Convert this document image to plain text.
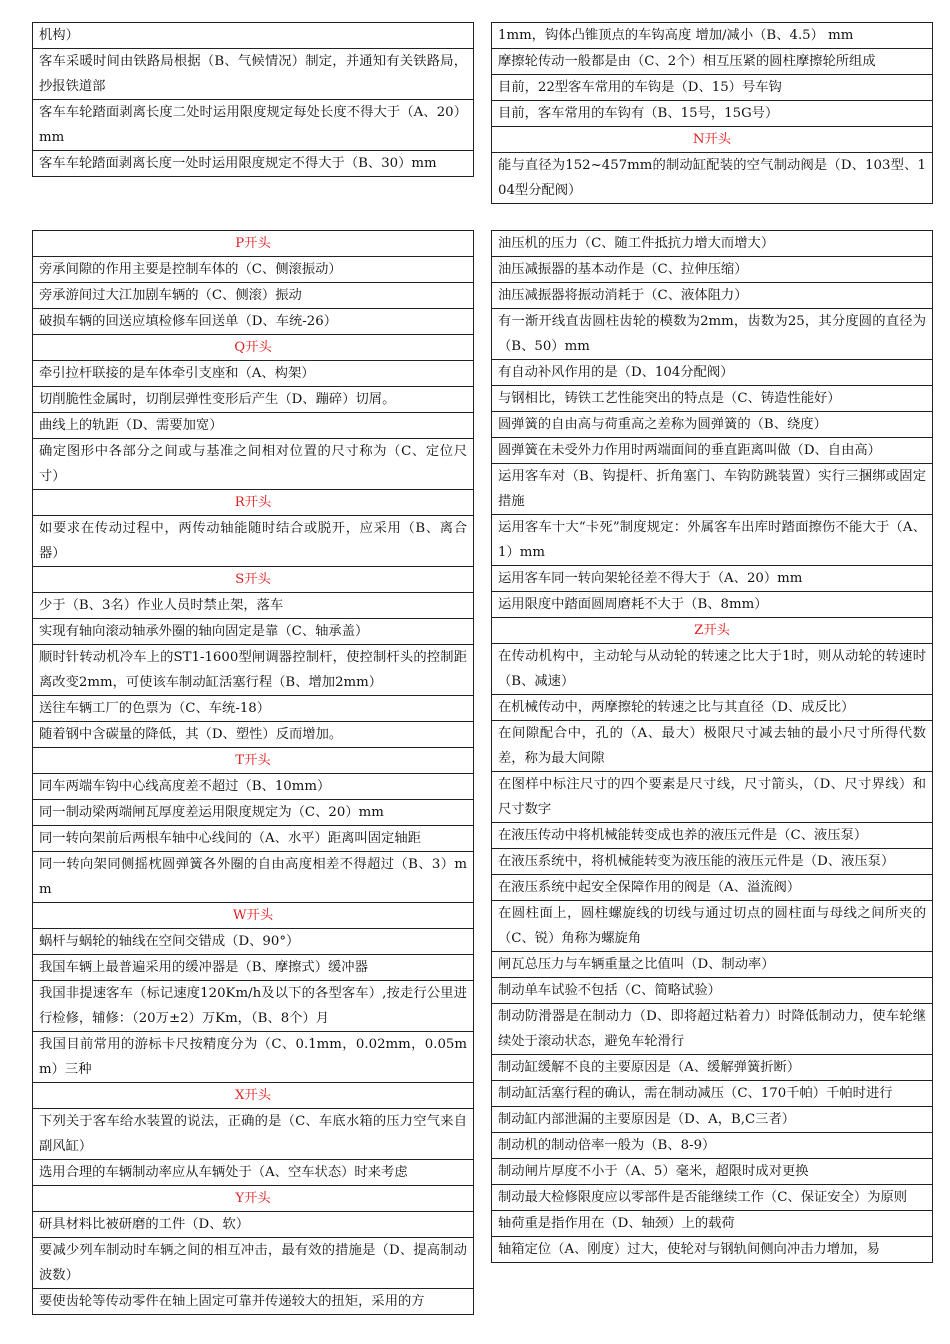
机构）
客车采暖时间由铁路局根据（B、气候情况）制定，并通知有关铁路局，抄报铁道部
客车车轮踏面剥离长度二处时运用限度规定每处长度不得大于（A、20）mm
客车车轮踏面剥离长度一处时运用限度规定不得大于（B、30）mm
1mm，钩体凸锥顶点的车钩高度 增加/减小（B、4.5） mm
摩擦轮传动一般都是由（C、2个）相互压紧的圆柱摩擦轮所组成
目前，22型客车常用的车钩是（D、15）号车钩
目前，客车常用的车钩有（B、15号，15G号）
N开头
能与直径为152~457mm的制动缸配装的空气制动阀是（D、103型、104型分配阀）
P开头
旁承间隙的作用主要是控制车体的（C、侧滚振动）
旁承游间过大江加剧车辆的（C、侧滚）振动
破损车辆的回送应填检修车回送单（D、车统-26）
Q开头
牵引拉杆联接的是车体牵引支座和（A、构架）
切削脆性金属时，切削层弹性变形后产生（D、蹦碎）切屑。
曲线上的轨距（D、需要加宽）
确定图形中各部分之间或与基准之间相对位置的尺寸称为（C、定位尺寸）
R开头
如要求在传动过程中，两传动轴能随时结合或脱开，应采用（B、离合器）
S开头
少于（B、3名）作业人员时禁止架，落车
实现有轴向滚动轴承外圈的轴向固定是靠（C、轴承盖）
顺时针转动机冷车上的ST1-1600型闸调器控制杆，使控制杆头的控制距离改变2mm，可使该车制动缸活塞行程（B、增加2mm）
送往车辆工厂的色票为（C、车统-18）
随着钢中含碳量的降低，其（D、塑性）反而增加。
T开头
同车两端车钩中心线高度差不超过（B、10mm）
同一制动梁两端闸瓦厚度差运用限度规定为（C、20）mm
同一转向架前后两根车轴中心线间的（A、水平）距离叫固定轴距
同一转向架同侧摇枕圆弹簧各外圈的自由高度相差不得超过（B、3）mm
W开头
蜗杆与蜗轮的轴线在空间交错成（D、90°）
我国车辆上最普遍采用的缓冲器是（B、摩擦式）缓冲器
我国非提速客车（标记速度120Km/h及以下的各型客车）,按走行公里进行检修，辅修：（20万±2）万Km，（B、8个）月
我国目前常用的游标卡尺按精度分为（C、0.1mm，0.02mm，0.05mm）三种
X开头
下列关于客车给水装置的说法，正确的是（C、车底水箱的压力空气来自副风缸）
选用合理的车辆制动率应从车辆处于（A、空车状态）时来考虑
Y开头
研具材料比被研磨的工件（D、软）
要减少列车制动时车辆之间的相互冲击，最有效的措施是（D、提高制动波数）
要使齿轮等传动零件在轴上固定可靠并传递较大的扭矩，采用的方
油压机的压力（C、随工件抵抗力增大而增大）
油压减振器的基本动作是（C、拉伸压缩）
油压减振器将振动消耗于（C、液体阻力）
有一渐开线直齿圆柱齿轮的模数为2mm，齿数为25，其分度圆的直径为（B、50）mm
有自动补风作用的是（D、104分配阀）
与钢相比，铸铁工艺性能突出的特点是（C、铸造性能好）
圆弹簧的自由高与荷重高之差称为圆弹簧的（B、绕度）
圆弹簧在未受外力作用时两端面间的垂直距离叫做（D、自由高）
运用客车对（B、钩提杆、折角塞门、车钩防跳装置）实行三捆绑或固定措施
运用客车十大“卡死”制度规定：外属客车出库时踏面擦伤不能大于（A、1）mm
运用客车同一转向架轮径差不得大于（A、20）mm
运用限度中踏面圆周磨耗不大于（B、8mm）
Z开头
在传动机构中，主动轮与从动轮的转速之比大于1时，则从动轮的转速时（B、减速）
在机械传动中，两摩擦轮的转速之比与其直径（D、成反比）
在间隙配合中，孔的（A、最大）极限尺寸减去轴的最小尺寸所得代数差，称为最大间隙
在图样中标注尺寸的四个要素是尺寸线，尺寸箭头，（D、尺寸界线）和尺寸数字
在液压传动中将机械能转变成也养的液压元件是（C、液压泵）
在液压系统中，将机械能转变为液压能的液压元件是（D、液压泵）
在液压系统中起安全保障作用的阀是（A、溢流阀）
在圆柱面上，圆柱螺旋线的切线与通过切点的圆柱面与母线之间所夹的（C、锐）角称为螺旋角
闸瓦总压力与车辆重量之比值叫（D、制动率）
制动单车试验不包括（C、简略试验）
制动防滑器是在制动力（D、即将超过粘着力）时降低制动力，使车轮继续处于滚动状态，避免车轮滑行
制动缸缓解不良的主要原因是（A、缓解弹簧折断）
制动缸活塞行程的确认，需在制动减压（C、170千帕）千帕时进行
制动缸内部泄漏的主要原因是（D、A，B,C三者）
制动机的制动倍率一般为（B、8-9）
制动闸片厚度不小于（A、5）毫米，超限时成对更换
制动最大检修限度应以零部件是否能继续工作（C、保证安全）为原则
轴荷重是指作用在（D、轴颈）上的载荷
轴箱定位（A、刚度）过大，使轮对与钢轨间侧向冲击力增加，易
